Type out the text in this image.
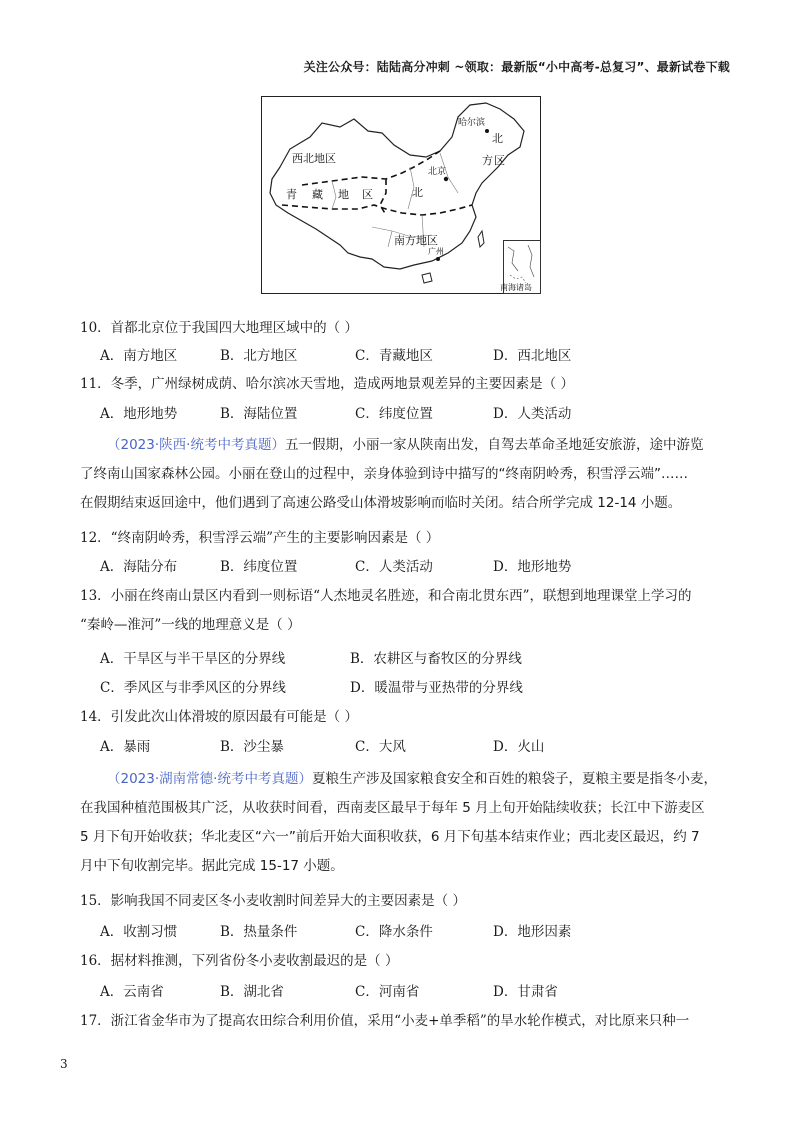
关注公众号：陆陆高分冲刺 ~领取：最新版“小中高考-总复习”、最新试卷下载
哈尔滨
北
方 区
西北地区
青 藏 地 区
北京
北
南方地区
广州
南海诸岛
10．首都北京位于我国四大地理区域中的（ ）
A．南方地区	B．北方地区	C．青藏地区	D．西北地区
11．冬季，广州绿树成荫、哈尔滨冰天雪地，造成两地景观差异的主要因素是（ ）
A．地形地势	B．海陆位置	C．纬度位置	D．人类活动
（2023·陕西·统考中考真题）五一假期，小丽一家从陕南出发，自驾去革命圣地延安旅游，途中游览
了终南山国家森林公园。小丽在登山的过程中，亲身体验到诗中描写的“终南阴岭秀，积雪浮云端”……
在假期结束返回途中，他们遇到了高速公路受山体滑坡影响而临时关闭。结合所学完成 12-14 小题。
12．“终南阴岭秀，积雪浮云端”产生的主要影响因素是（ ）
A．海陆分布	B．纬度位置	C．人类活动	D．地形地势
13．小丽在终南山景区内看到一则标语“人杰地灵名胜迹，和合南北贯东西”，联想到地理课堂上学习的
“秦岭—淮河”一线的地理意义是（ ）
A．干旱区与半干旱区的分界线	B．农耕区与畜牧区的分界线
C．季风区与非季风区的分界线	D．暖温带与亚热带的分界线
14．引发此次山体滑坡的原因最有可能是（ ）
A．暴雨	B．沙尘暴	C．大风	D．火山
（2023·湖南常德·统考中考真题）夏粮生产涉及国家粮食安全和百姓的粮袋子，夏粮主要是指冬小麦，
在我国种植范围极其广泛，从收获时间看，西南麦区最早于每年 5 月上旬开始陆续收获；长江中下游麦区
5 月下旬开始收获；华北麦区“六一”前后开始大面积收获，6 月下旬基本结束作业；西北麦区最迟，约 7
月中下旬收割完毕。据此完成 15-17 小题。
15．影响我国不同麦区冬小麦收割时间差异大的主要因素是（ ）
A．收割习惯	B．热量条件	C．降水条件	D．地形因素
16．据材料推测，下列省份冬小麦收割最迟的是（ ）
A．云南省	B．湖北省	C．河南省	D．甘肃省
17．浙江省金华市为了提高农田综合利用价值，采用“小麦+单季稻”的旱水轮作模式，对比原来只种一
3
